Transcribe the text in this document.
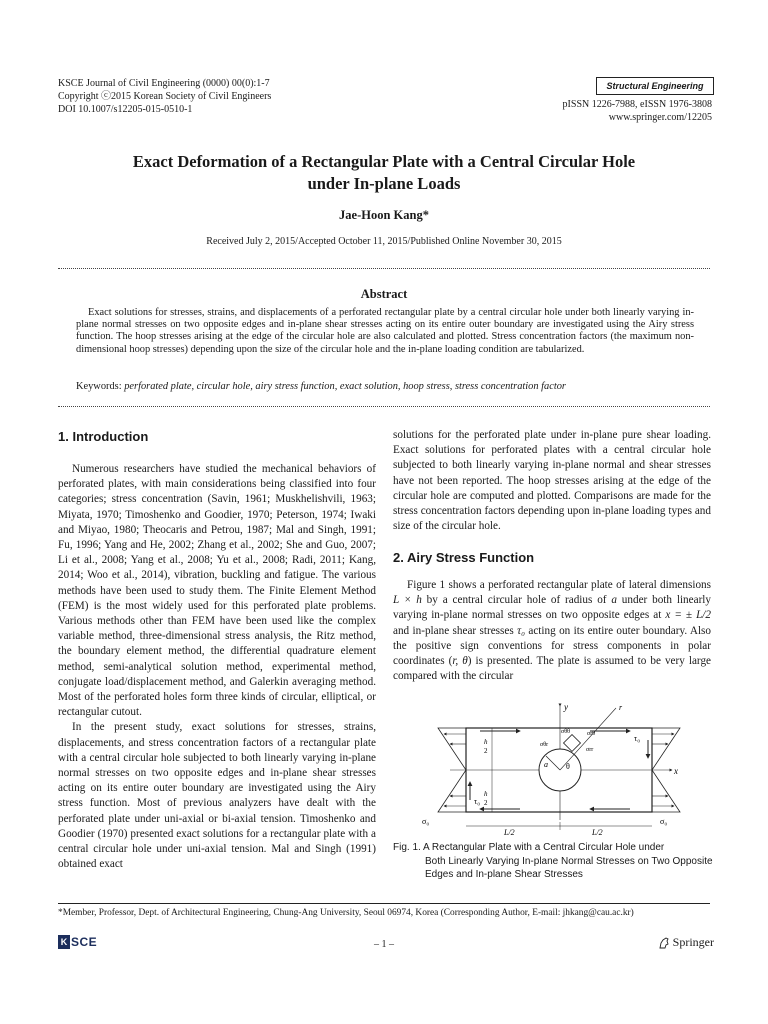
KSCE Journal of Civil Engineering (0000) 00(0):1-7
Copyright ⓒ2015 Korean Society of Civil Engineers
DOI 10.1007/s12205-015-0510-1
Structural Engineering
pISSN 1226-7988, eISSN 1976-3808
www.springer.com/12205
Exact Deformation of a Rectangular Plate with a Central Circular Hole
under In-plane Loads
Jae-Hoon Kang*
Received July 2, 2015/Accepted October 11, 2015/Published Online November 30, 2015
Abstract
Exact solutions for stresses, strains, and displacements of a perforated rectangular plate by a central circular hole under both linearly varying in-plane normal stresses on two opposite edges and in-plane shear stresses acting on its entire outer boundary are investigated using the Airy stress function. The hoop stresses arising at the edge of the circular hole are also calculated and plotted. Stress concentration factors (the maximum non-dimensional hoop stresses) depending upon the size of the circular hole and the in-plane loading condition are tabularized.
Keywords: perforated plate, circular hole, airy stress function, exact solution, hoop stress, stress concentration factor
1. Introduction

Numerous researchers have studied the mechanical behaviors of perforated plates, with main considerations being classified into four categories; stress concentration (Savin, 1961; Muskhelishvili, 1963; Miyata, 1970; Timoshenko and Goodier, 1970; Peterson, 1974; Iwaki and Miyao, 1980; Theocaris and Petrou, 1987; Mal and Singh, 1991; Fu, 1996; Yang and He, 2002; Zhang et al., 2002; She and Guo, 2007; Li et al., 2008; Yang et al., 2008; Yu et al., 2008; Radi, 2011; Kang, 2014; Woo et al., 2014), vibration, buckling and fatigue. The various methods have been used to study them. The Finite Element Method (FEM) is the most widely used for this perforated plate problems. Various methods other than FEM have been used like the complex variable method, three-dimensional stress analysis, the Ritz method, the boundary element method, the differential quadrature element method, semi-analytical solution method, experimental method, conjugate load/displacement method, and Galerkin averaging method. Most of the perforated holes form three kinds of circular, elliptical, or rectangular cutout.

In the present study, exact solutions for stresses, strains, displacements, and stress concentration factors of a rectangular plate with a central circular hole subjected to both linearly varying in-plane normal stresses on two opposite edges and in-plane shear stresses acting on its entire outer boundary are investigated using the Airy stress function. Most of previous analyzers have dealt with the perforated plate under uni-axial or bi-axial tension. Timoshenko and Goodier (1970) presented exact solutions for a rectangular plate with a central circular hole under uni-axial tension. Mal and Singh (1991) obtained exact

solutions for the perforated plate under in-plane pure shear loading. Exact solutions for perforated plates with a central circular hole subjected to both linearly varying in-plane normal and shear stresses have not been reported. The hoop stresses arising at the edge of the circular hole are computed and plotted. Comparisons are made for the stress concentration factors depending upon in-plane loading types and size of the circular hole.

2. Airy Stress Function

Figure 1 shows a perforated rectangular plate of lateral dimensions L × h by a central circular hole of radius of a under both linearly varying in-plane normal stresses on two opposite edges at x = ± L/2 and in-plane shear stresses τ₀ acting on its entire outer boundary. Also the positive sign conventions for stress components in polar coordinates (r, θ) is presented. The plate is assumed to be very large compared with the circular

y
x
r
a θ
σθθ	σrθ
σθr
σrr
τ₀
τ₀
h
2
h
2
L/2	L/2
σ₀	σ₀
Fig. 1. A Rectangular Plate with a Central Circular Hole under
Both Linearly Varying In-plane Normal Stresses on Two Opposite Edges and In-plane Shear Stresses
*Member, Professor, Dept. of Architectural Engineering, Chung-Ang University, Seoul 06974, Korea (Corresponding Author, E-mail: jhkang@cau.ac.kr)
K SCE	– 1 –	Springer
